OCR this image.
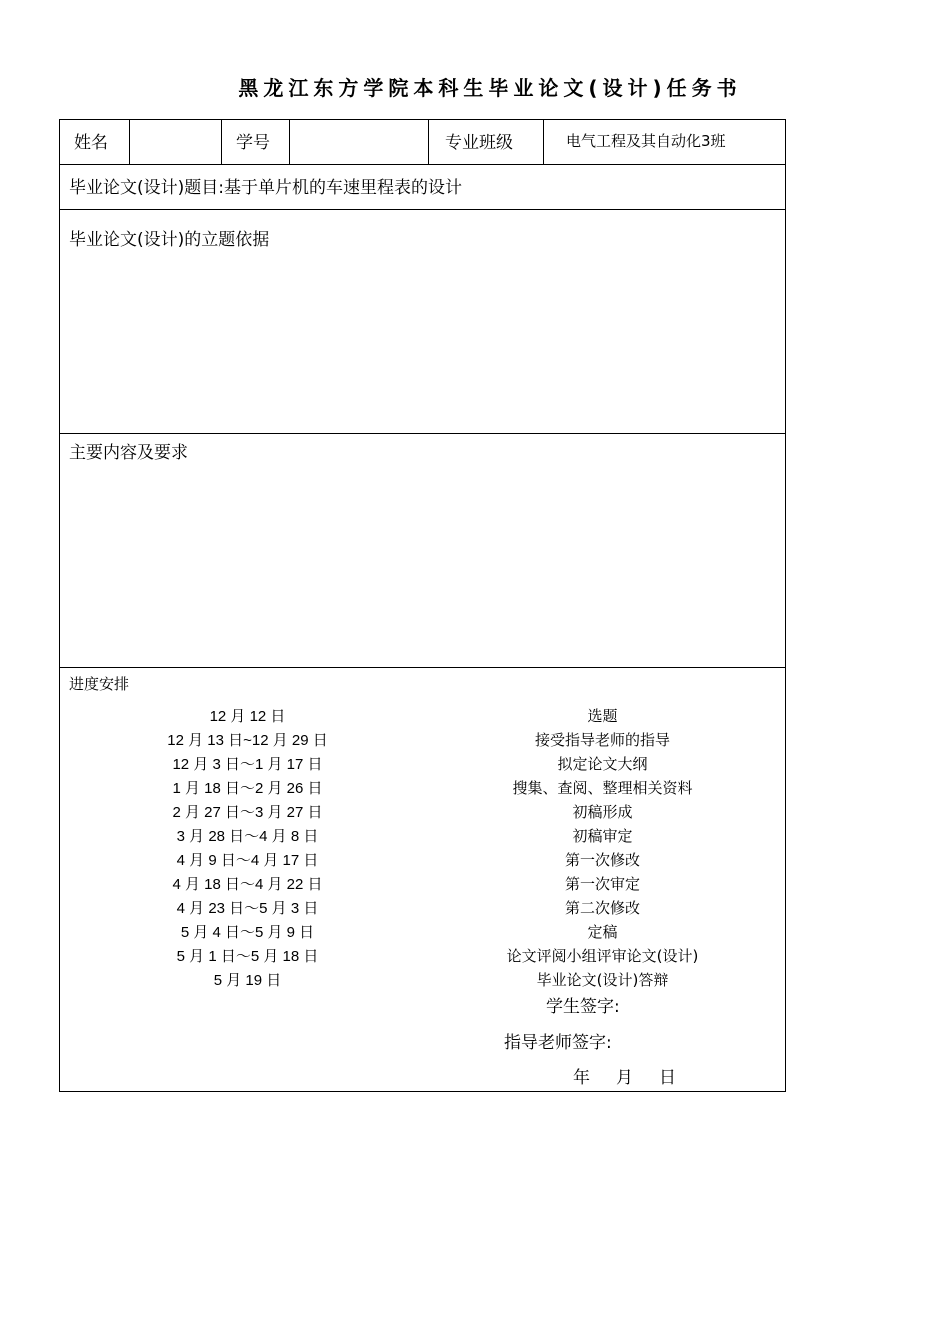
黑龙江东方学院本科生毕业论文(设计)任务书
姓名	学号	专业班级	电气工程及其自动化3班
毕业论文(设计)题目:基于单片机的车速里程表的设计
毕业论文(设计)的立题依据
主要内容及要求
进度安排
12 月 12 日	选题
12 月 13 日~12 月 29 日	接受指导老师的指导
12 月 3 日～1 月 17 日	拟定论文大纲
1 月 18 日～2 月 26 日	搜集、查阅、整理相关资料
2 月 27 日～3 月 27 日	初稿形成
3 月 28 日～4 月 8 日	初稿审定
4 月 9 日～4 月 17 日	第一次修改
4 月 18 日～4 月 22 日	第一次审定
4 月 23 日～5 月 3 日	第二次修改
5 月 4 日～5 月 9 日	定稿
5 月 1 日～5 月 18 日	论文评阅小组评审论文(设计)
5 月 19 日	毕业论文(设计)答辩
学生签字:
指导老师签字:
年 月 日
